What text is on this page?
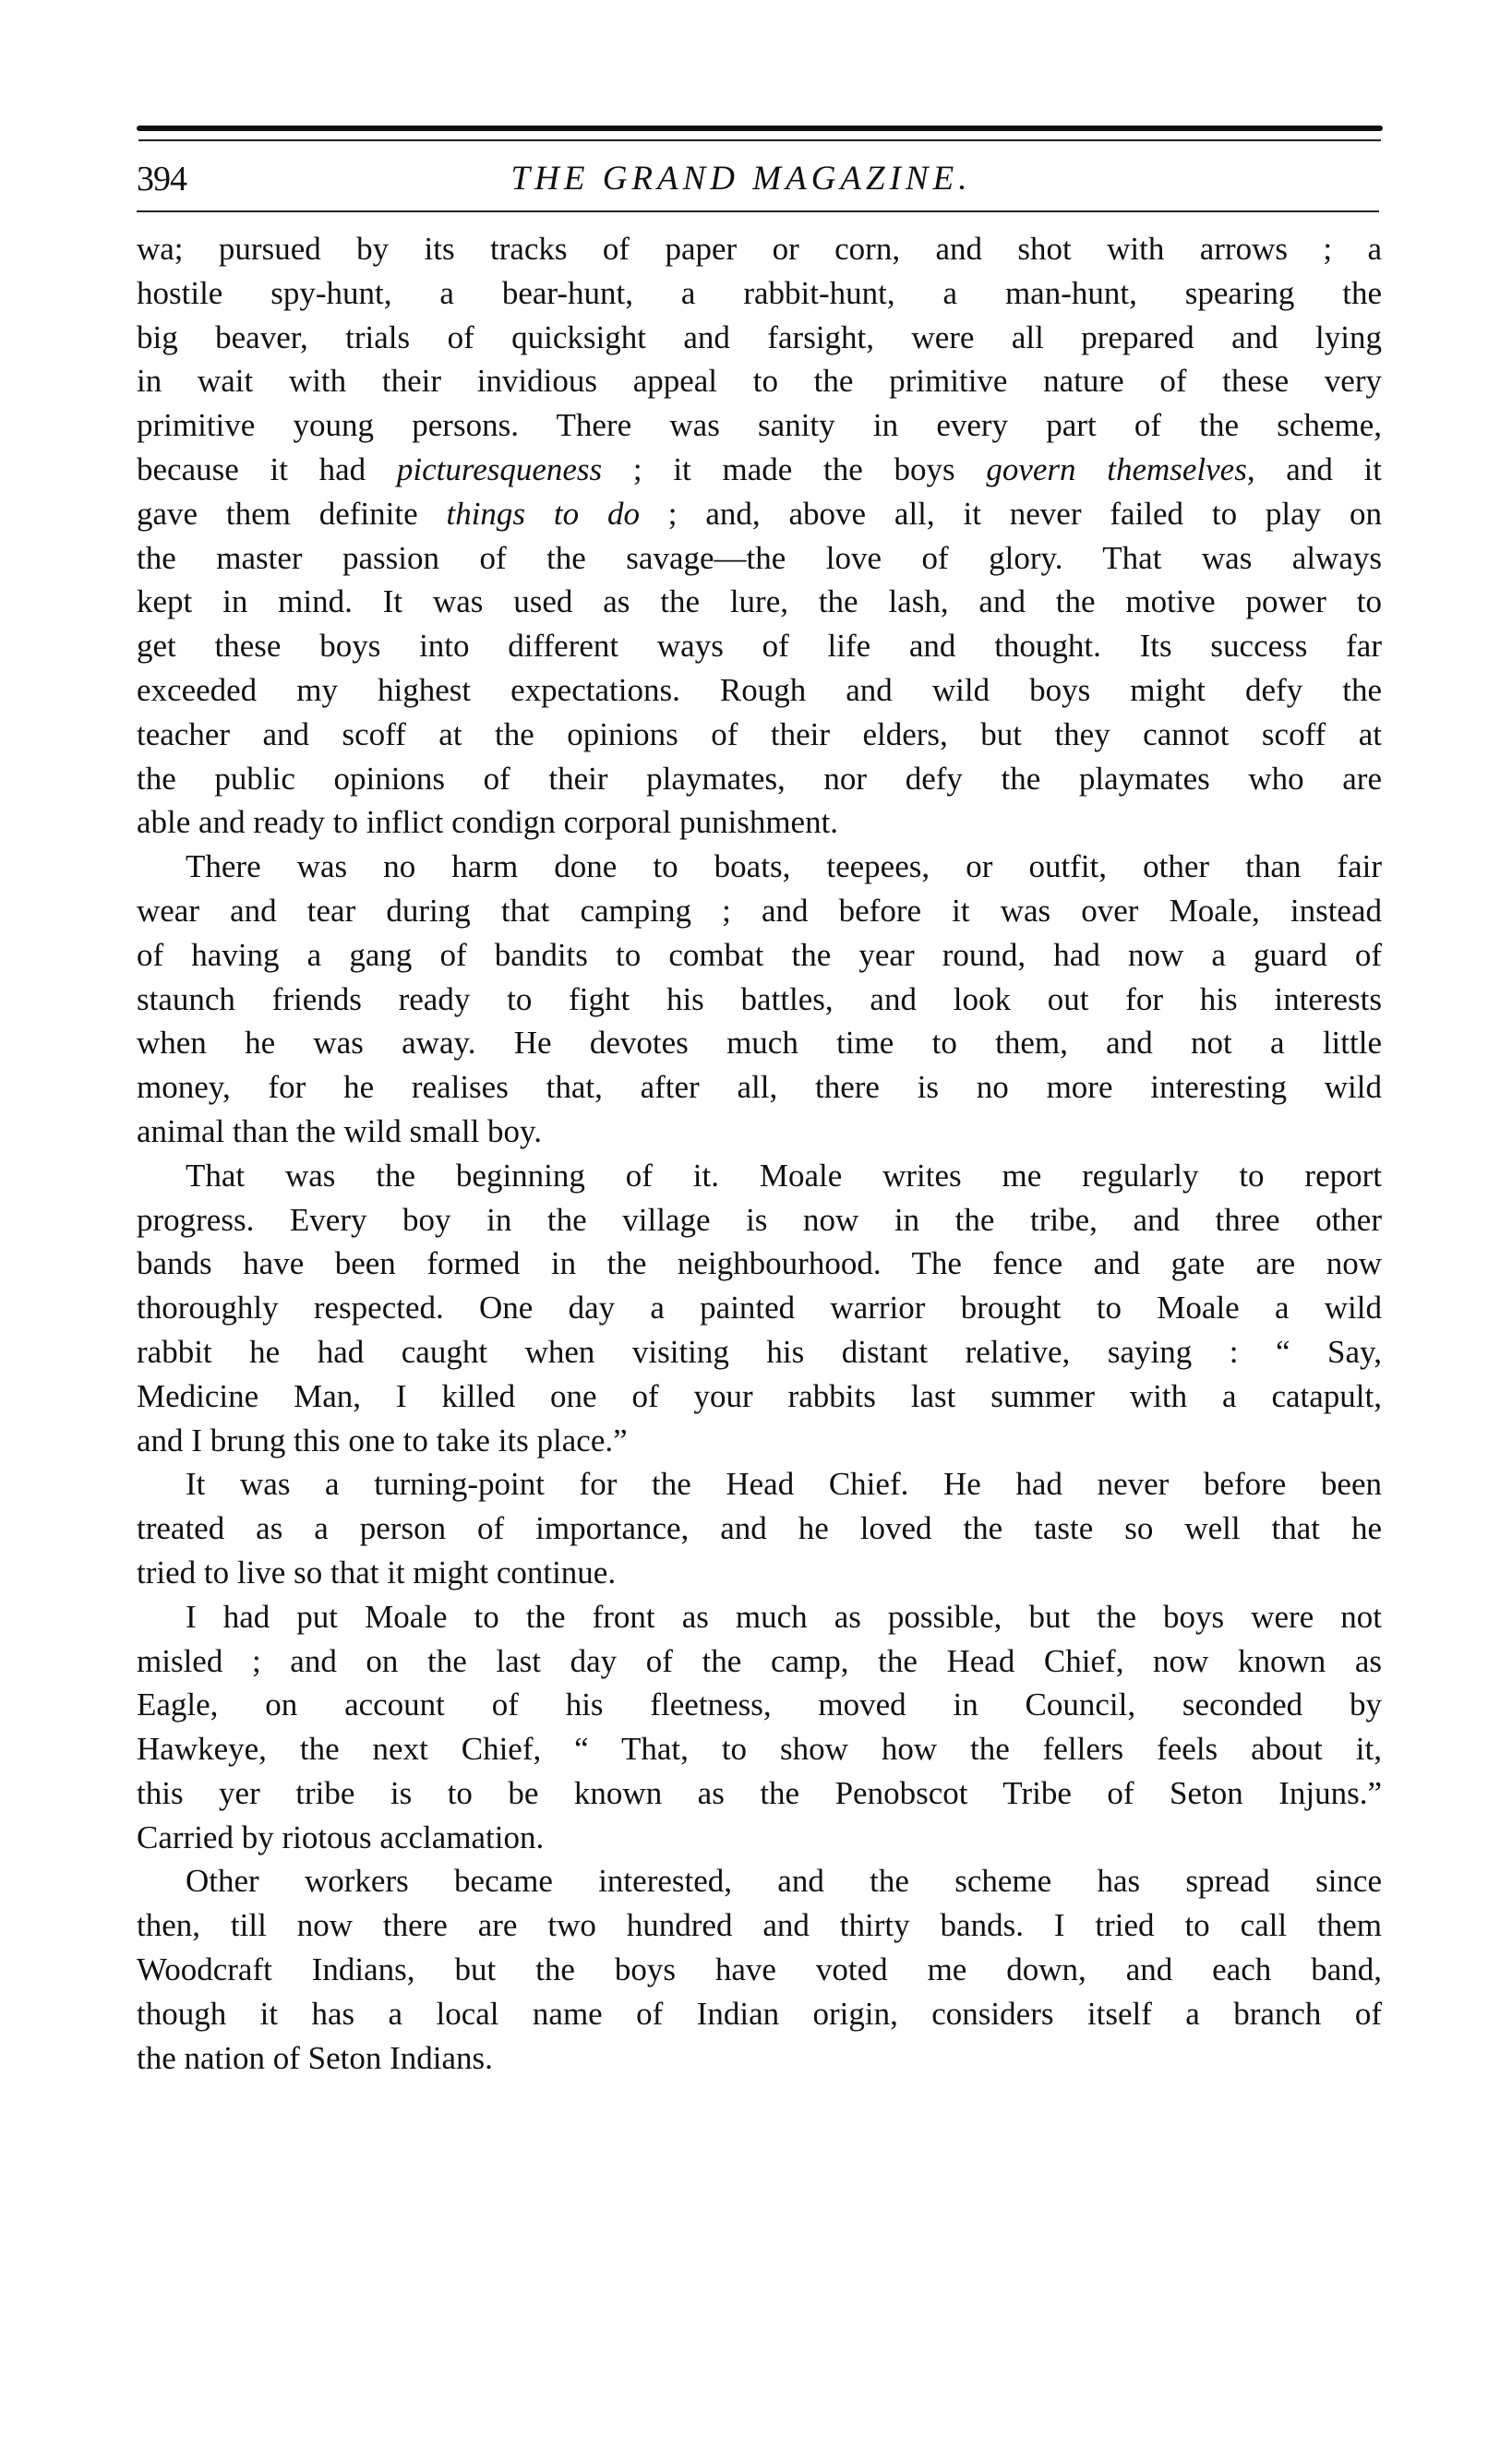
394	THE GRAND MAGAZINE.
wa; pursued by its tracks of paper or corn, and shot with arrows ; a
hostile spy-hunt, a bear-hunt, a rabbit-hunt, a man-hunt, spearing the
big beaver, trials of quicksight and farsight, were all prepared and lying
in wait with their invidious appeal to the primitive nature of these very
primitive young persons. There was sanity in every part of the scheme,
because it had picturesqueness ; it made the boys govern themselves, and it
gave them definite things to do ; and, above all, it never failed to play on
the master passion of the savage—the love of glory. That was always
kept in mind. It was used as the lure, the lash, and the motive power to
get these boys into different ways of life and thought. Its success far
exceeded my highest expectations. Rough and wild boys might defy the
teacher and scoff at the opinions of their elders, but they cannot scoff at
the public opinions of their playmates, nor defy the playmates who are
able and ready to inflict condign corporal punishment.
There was no harm done to boats, teepees, or outfit, other than fair
wear and tear during that camping ; and before it was over Moale, instead
of having a gang of bandits to combat the year round, had now a guard of
staunch friends ready to fight his battles, and look out for his interests
when he was away. He devotes much time to them, and not a little
money, for he realises that, after all, there is no more interesting wild
animal than the wild small boy.
That was the beginning of it. Moale writes me regularly to report
progress. Every boy in the village is now in the tribe, and three other
bands have been formed in the neighbourhood. The fence and gate are now
thoroughly respected. One day a painted warrior brought to Moale a wild
rabbit he had caught when visiting his distant relative, saying : “ Say,
Medicine Man, I killed one of your rabbits last summer with a catapult,
and I brung this one to take its place.”
It was a turning-point for the Head Chief. He had never before been
treated as a person of importance, and he loved the taste so well that he
tried to live so that it might continue.
I had put Moale to the front as much as possible, but the boys were not
misled ; and on the last day of the camp, the Head Chief, now known as
Eagle, on account of his fleetness, moved in Council, seconded by
Hawkeye, the next Chief, “ That, to show how the fellers feels about it,
this yer tribe is to be known as the Penobscot Tribe of Seton Injuns.”
Carried by riotous acclamation.
Other workers became interested, and the scheme has spread since
then, till now there are two hundred and thirty bands. I tried to call them
Woodcraft Indians, but the boys have voted me down, and each band,
though it has a local name of Indian origin, considers itself a branch of
the nation of Seton Indians.
